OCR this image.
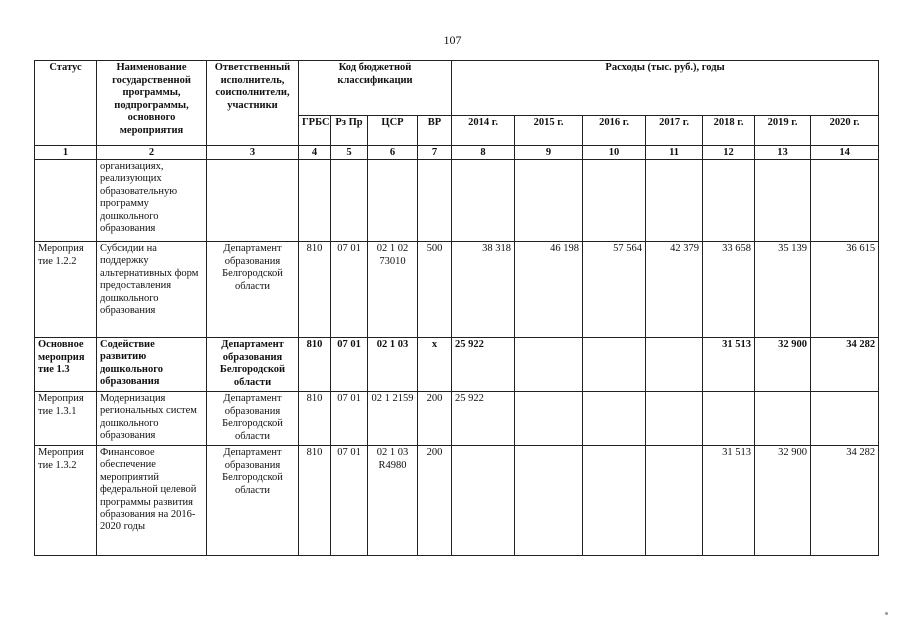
107
Статус	Наименование государственной программы, подпрограммы, основного мероприятия	Ответственный исполнитель, соисполнители, участники	Код бюджетной классификации				Расходы (тыс. руб.), годы						
			ГРБС	Рз Пр	ЦСР	ВР	2014 г.	2015 г.	2016 г.	2017 г.	2018 г.	2019 г.	2020 г.
1	2	3	4	5	6	7	8	9	10	11	12	13	14
	организациях, реализующих образовательную программу дошкольного образования												
Мероприя тие 1.2.2	Субсидии на поддержку альтернативных форм предоставления дошкольного образования	Департамент образования Белгородской области	810	07 01	02 1 02 73010	500	38 318	46 198	57 564	42 379	33 658	35 139	36 615
Основное мероприя тие 1.3	Содействие развитию дошкольного образования	Департамент образования Белгородской области	810	07 01	02 1 03	х	25 922				31 513	32 900	34 282
Мероприя тие 1.3.1	Модернизация региональных систем дошкольного образования	Департамент образования Белгородской области	810	07 01	02 1 2159	200	25 922						
Мероприя тие 1.3.2	Финансовое обеспечение мероприятий федеральной целевой программы развития образования на 2016-2020 годы	Департамент образования Белгородской области	810	07 01	02 1 03 R4980	200					31 513	32 900	34 282
